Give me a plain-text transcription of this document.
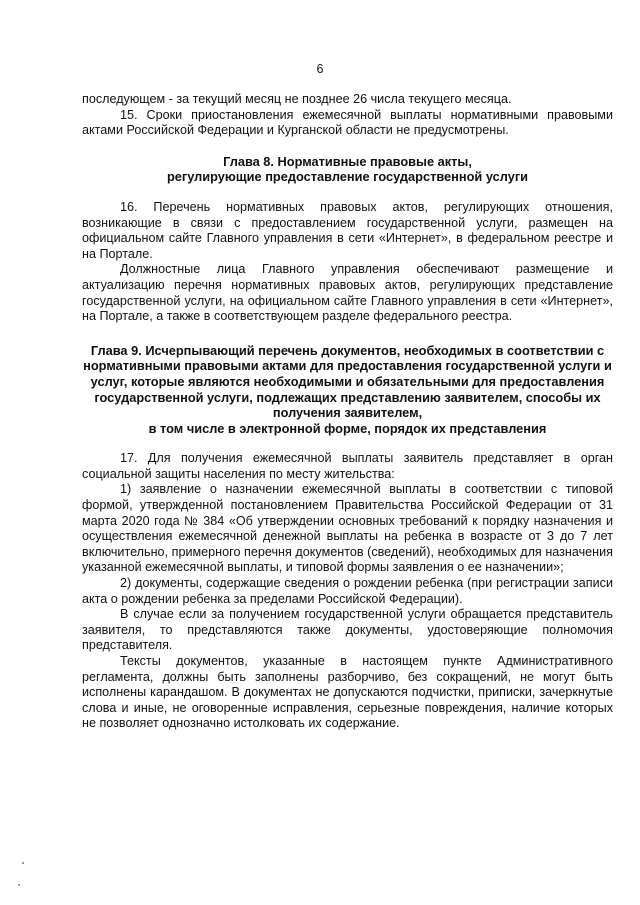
6

последующем - за текущий месяц не позднее 26 числа текущего месяца.

15. Сроки приостановления ежемесячной выплаты нормативными правовыми актами Российской Федерации и Курганской области не предусмотрены.

Глава 8. Нормативные правовые акты,
регулирующие предоставление государственной услуги

16. Перечень нормативных правовых актов, регулирующих отношения, возникающие в связи с предоставлением государственной услуги, размещен на официальном сайте Главного управления в сети «Интернет», в федеральном реестре и на Портале.

Должностные лица Главного управления обеспечивают размещение и актуализацию перечня нормативных правовых актов, регулирующих представление государственной услуги, на официальном сайте Главного управления в сети «Интернет», на Портале, а также в соответствующем разделе федерального реестра.

Глава 9. Исчерпывающий перечень документов, необходимых в соответствии с нормативными правовыми актами для предоставления государственной услуги и услуг, которые являются необходимыми и обязательными для предоставления государственной услуги, подлежащих представлению заявителем, способы их получения заявителем,
в том числе в электронной форме, порядок их представления

17. Для получения ежемесячной выплаты заявитель представляет в орган социальной защиты населения по месту жительства:

1) заявление о назначении ежемесячной выплаты в соответствии с типовой формой, утвержденной постановлением Правительства Российской Федерации от 31 марта 2020 года № 384 «Об утверждении основных требований к порядку назначения и осуществления ежемесячной денежной выплаты на ребенка в возрасте от 3 до 7 лет включительно, примерного перечня документов (сведений), необходимых для назначения указанной ежемесячной выплаты, и типовой формы заявления о ее назначении»;

2) документы, содержащие сведения о рождении ребенка (при регистрации записи акта о рождении ребенка за пределами Российской Федерации).

В случае если за получением государственной услуги обращается представитель заявителя, то представляются также документы, удостоверяющие полномочия представителя.

Тексты документов, указанные в настоящем пункте Административного регламента, должны быть заполнены разборчиво, без сокращений, не могут быть исполнены карандашом. В документах не допускаются подчистки, приписки, зачеркнутые слова и иные, не оговоренные исправления, серьезные повреждения, наличие которых не позволяет однозначно истолковать их содержание.
